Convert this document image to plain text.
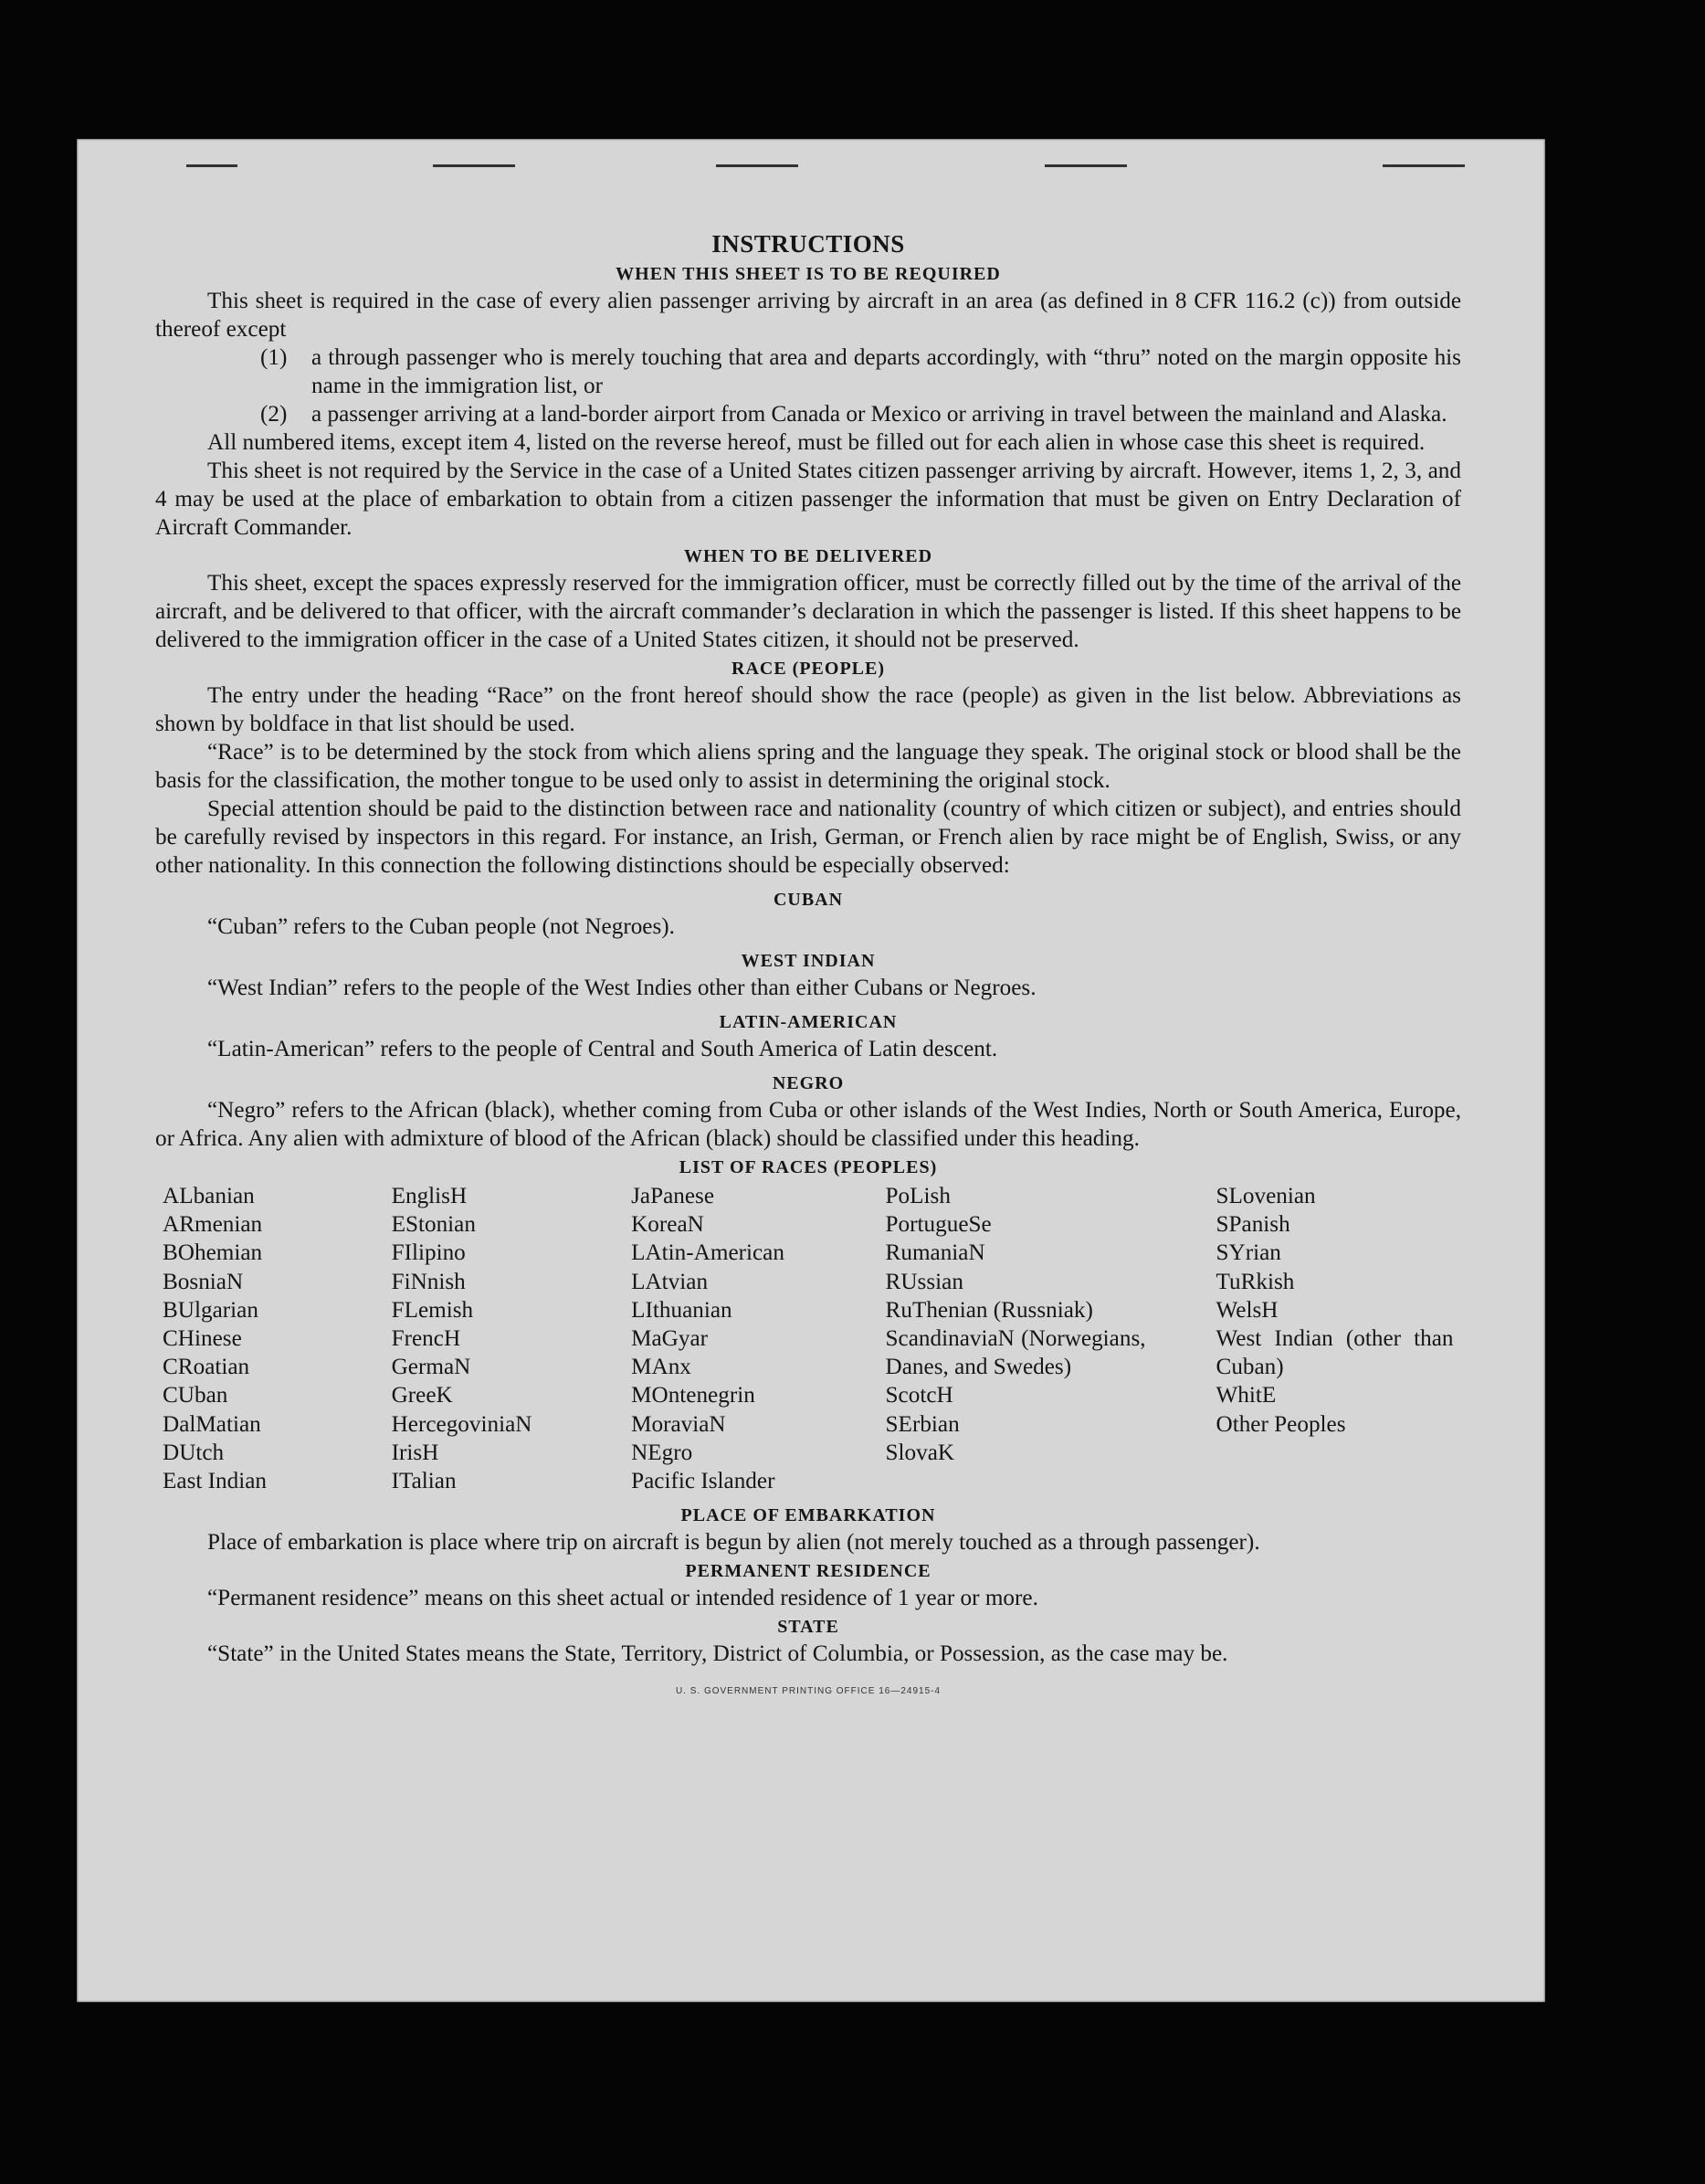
INSTRUCTIONS
WHEN THIS SHEET IS TO BE REQUIRED

This sheet is required in the case of every alien passenger arriving by aircraft in an area (as defined in 8 CFR 116.2 (c)) from outside thereof except

(1)	a through passenger who is merely touching that area and departs accordingly, with “thru” noted on the margin opposite his name in the immigration list, or
(2)	a passenger arriving at a land-border airport from Canada or Mexico or arriving in travel between the mainland and Alaska.

All numbered items, except item 4, listed on the reverse hereof, must be filled out for each alien in whose case this sheet is required.

This sheet is not required by the Service in the case of a United States citizen passenger arriving by aircraft. However, items 1, 2, 3, and 4 may be used at the place of embarkation to obtain from a citizen passenger the information that must be given on Entry Declaration of Aircraft Commander.

WHEN TO BE DELIVERED

This sheet, except the spaces expressly reserved for the immigration officer, must be correctly filled out by the time of the arrival of the aircraft, and be delivered to that officer, with the aircraft commander’s declaration in which the passenger is listed. If this sheet happens to be delivered to the immigration officer in the case of a United States citizen, it should not be preserved.

RACE (PEOPLE)

The entry under the heading “Race” on the front hereof should show the race (people) as given in the list below. Abbreviations as shown by boldface in that list should be used.

“Race” is to be determined by the stock from which aliens spring and the language they speak. The original stock or blood shall be the basis for the classification, the mother tongue to be used only to assist in determining the original stock.

Special attention should be paid to the distinction between race and nationality (country of which citizen or subject), and entries should be carefully revised by inspectors in this regard. For instance, an Irish, German, or French alien by race might be of English, Swiss, or any other nationality. In this connection the following distinctions should be especially observed:

CUBAN

“Cuban” refers to the Cuban people (not Negroes).

WEST INDIAN

“West Indian” refers to the people of the West Indies other than either Cubans or Negroes.

LATIN-AMERICAN

“Latin-American” refers to the people of Central and South America of Latin descent.

NEGRO

“Negro” refers to the African (black), whether coming from Cuba or other islands of the West Indies, North or South America, Europe, or Africa. Any alien with admixture of blood of the African (black) should be classified under this heading.

LIST OF RACES (PEOPLES)
ALbanian
ARmenian
BOhemian
BosniaN
BUlgarian
CHinese
CRoatian
CUban
DalMatian
DUtch
East Indian
EnglisH
EStonian
FIlipino
FiNnish
FLemish
FrencH
GermaN
GreeK
HercegoviniaN
IrisH
ITalian
JaPanese
KoreaN
LAtin-American
LAtvian
LIthuanian
MaGyar
MAnx
MOntenegrin
MoraviaN
NEgro
Pacific Islander
PoLish
PortugueSe
RumaniaN
RUssian
RuThenian (Russniak)
ScandinaviaN (Norwegians, Danes, and Swedes)
ScotcH
SErbian
SlovaK
SLovenian
SPanish
SYrian
TuRkish
WelsH
West Indian (other than Cuban)
WhitE
Other Peoples
PLACE OF EMBARKATION

Place of embarkation is place where trip on aircraft is begun by alien (not merely touched as a through passenger).

PERMANENT RESIDENCE

“Permanent residence” means on this sheet actual or intended residence of 1 year or more.

STATE

“State” in the United States means the State, Territory, District of Columbia, or Possession, as the case may be.

U. S. GOVERNMENT PRINTING OFFICE 16—24915-4
